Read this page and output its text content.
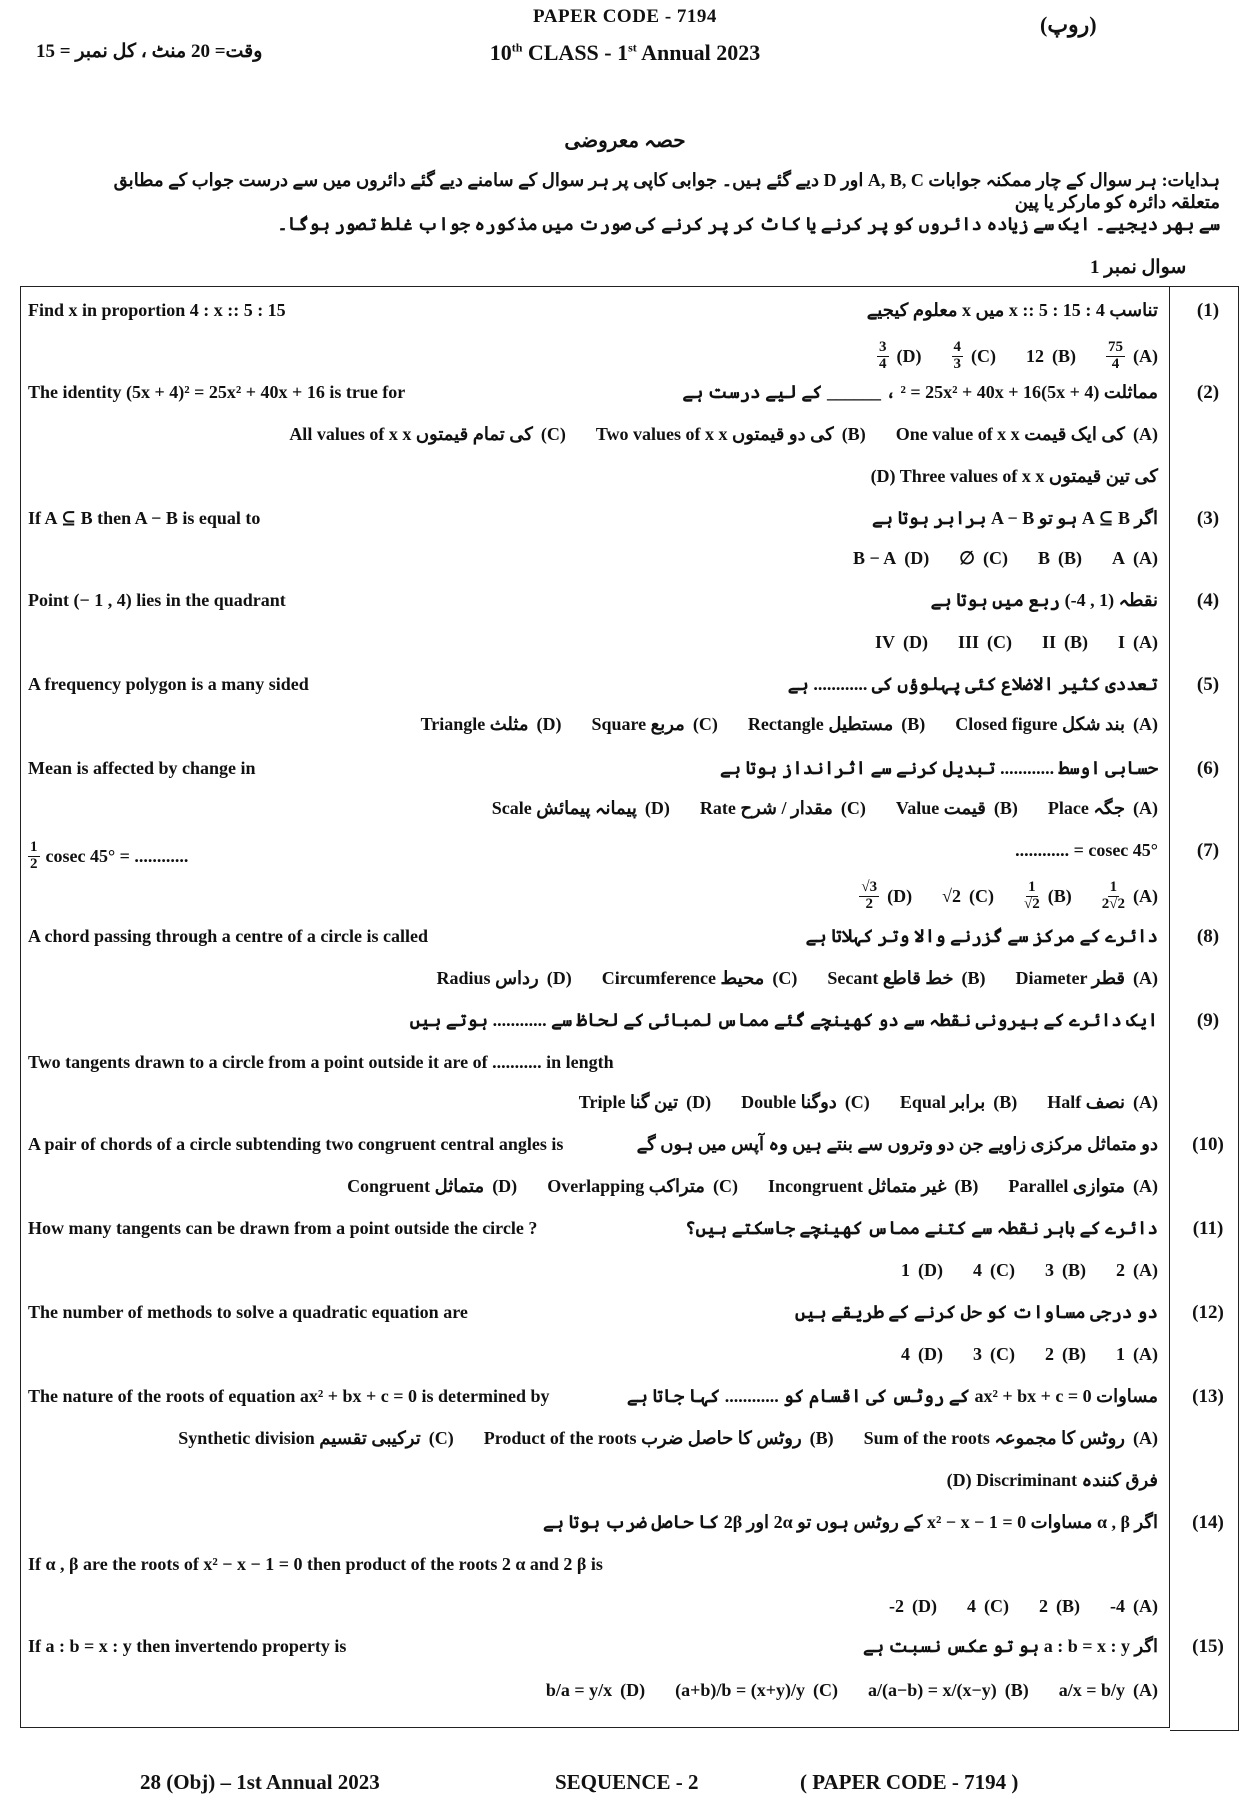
PAPER CODE - 7194
10th CLASS - 1st Annual 2023
(روپ)
وقت= 20 منٹ ، کل نمبر = 15
حصہ معروضی
ہدایات: ہر سوال کے چار ممکنہ جوابات A, B, C اور D دیے گئے ہیں۔ جوابی کاپی پر ہر سوال کے سامنے دیے گئے دائروں میں سے درست جواب کے مطابق متعلقہ دائرہ کو مارکر یا پین
سے بھر دیجیے۔ ایک سے زیادہ دائروں کو پر کرنے یا کاٹ کر پر کرنے کی صورت میں مذکورہ جواب غلط تصور ہوگا۔
سوال نمبر 1
(1)
تناسب 4 : x :: 5 : 15 میں x معلوم کیجیے
Find x in proportion 4 : x :: 5 : 15
(A)
$\frac{75}{4}$
(B)
12
(C)
$\frac{4}{3}$
(D)
$\frac{3}{4}$
(2)
مماثلت (5x + 4)² = 25x² + 40x + 16 ، ______ کے لیے درست ہے
The identity (5x + 4)² = 25x² + 40x + 16 is true for
(A)
One value of x x کی ایک قیمت
(B)
Two values of x x کی دو قیمتوں
(C)
All values of x x کی تمام قیمتوں
(D) Three values of x x کی تین قیمتوں
(3)
اگر A ⊆ B ہو تو A − B برابر ہوتا ہے
If A ⊆ B then A − B is equal to
(A)
A
(B)
B
(C)
∅
(D)
B − A
(4)
نقطہ (1 , 4-) ربع میں ہوتا ہے
Point (− 1 , 4) lies in the quadrant
(A)
I
(B)
II
(C)
III
(D)
IV
(5)
تعددی کثیر الاضلاع کئی پہلوؤں کی ............ ہے
A frequency polygon is a many sided
(A)
Closed figure بند شکل
(B)
Rectangle مستطیل
(C)
Square مربع
(D)
Triangle مثلث
(6)
حسابی اوسط ............ تبدیل کرنے سے اثرانداز ہوتا ہے
Mean is affected by change in
(A)
Place جگہ
(B)
Value قیمت
(C)
Rate مقدار / شرح
(D)
Scale پیمانہ پیمائش
(7)
cosec 45° = ............
$\frac{1}{2}$ cosec 45° = ............
(A)
$\frac{1}{2√2}$
(B)
$\frac{1}{√2}$
(C)
√2
(D)
$\frac{√3}{2}$
(8)
دائرے کے مرکز سے گزرنے والا وتر کہلاتا ہے
A chord passing through a centre of a circle is called
(A)
Diameter قطر
(B)
Secant خط قاطع
(C)
Circumference محیط
(D)
Radius رداس
(9)
ایک دائرے کے بیرونی نقطہ سے دو کھینچے گئے مماس لمبائی کے لحاظ سے ............ ہوتے ہیں
Two tangents drawn to a circle from a point outside it are of ........... in length
(A)
Half نصف
(B)
Equal برابر
(C)
Double دوگنا
(D)
Triple تین گنا
(10)
دو متماثل مرکزی زاویے جن دو وتروں سے بنتے ہیں وہ آپس میں ہوں گے
A pair of chords of a circle subtending two congruent central angles is
(A)
Parallel متوازی
(B)
Incongruent غیر متماثل
(C)
Overlapping متراکب
(D)
Congruent متماثل
(11)
دائرے کے باہر نقطہ سے کتنے مماس کھینچے جاسکتے ہیں؟
How many tangents can be drawn from a point outside the circle ?
(A)
2
(B)
3
(C)
4
(D)
1
(12)
دو درجی مساوات کو حل کرنے کے طریقے ہیں
The number of methods to solve a quadratic equation are
(A)
1
(B)
2
(C)
3
(D)
4
(13)
مساوات ax² + bx + c = 0 کے روٹس کی اقسام کو ............ کہا جاتا ہے
The nature of the roots of equation ax² + bx + c = 0 is determined by
(A)
Sum of the roots روٹس کا مجموعہ
(B)
Product of the roots روٹس کا حاصل ضرب
(C)
Synthetic division ترکیبی تقسیم
(D) Discriminant فرق کنندہ
(14)
اگر α , β مساوات x² − x − 1 = 0 کے روٹس ہوں تو 2α اور 2β کا حاصل ضرب ہوتا ہے
If α , β are the roots of x² − x − 1 = 0 then product of the roots 2 α and 2 β is
(A)
-4
(B)
2
(C)
4
(D)
-2
(15)
اگر a : b = x : y ہو تو عکس نسبت ہے
If a : b = x : y then invertendo property is
(A)
a/x = b/y
(B)
a/(a−b) = x/(x−y)
(C)
(a+b)/b = (x+y)/y
(D)
b/a = y/x
28 (Obj) – 1st Annual 2023	SEQUENCE - 2	( PAPER CODE - 7194 )
